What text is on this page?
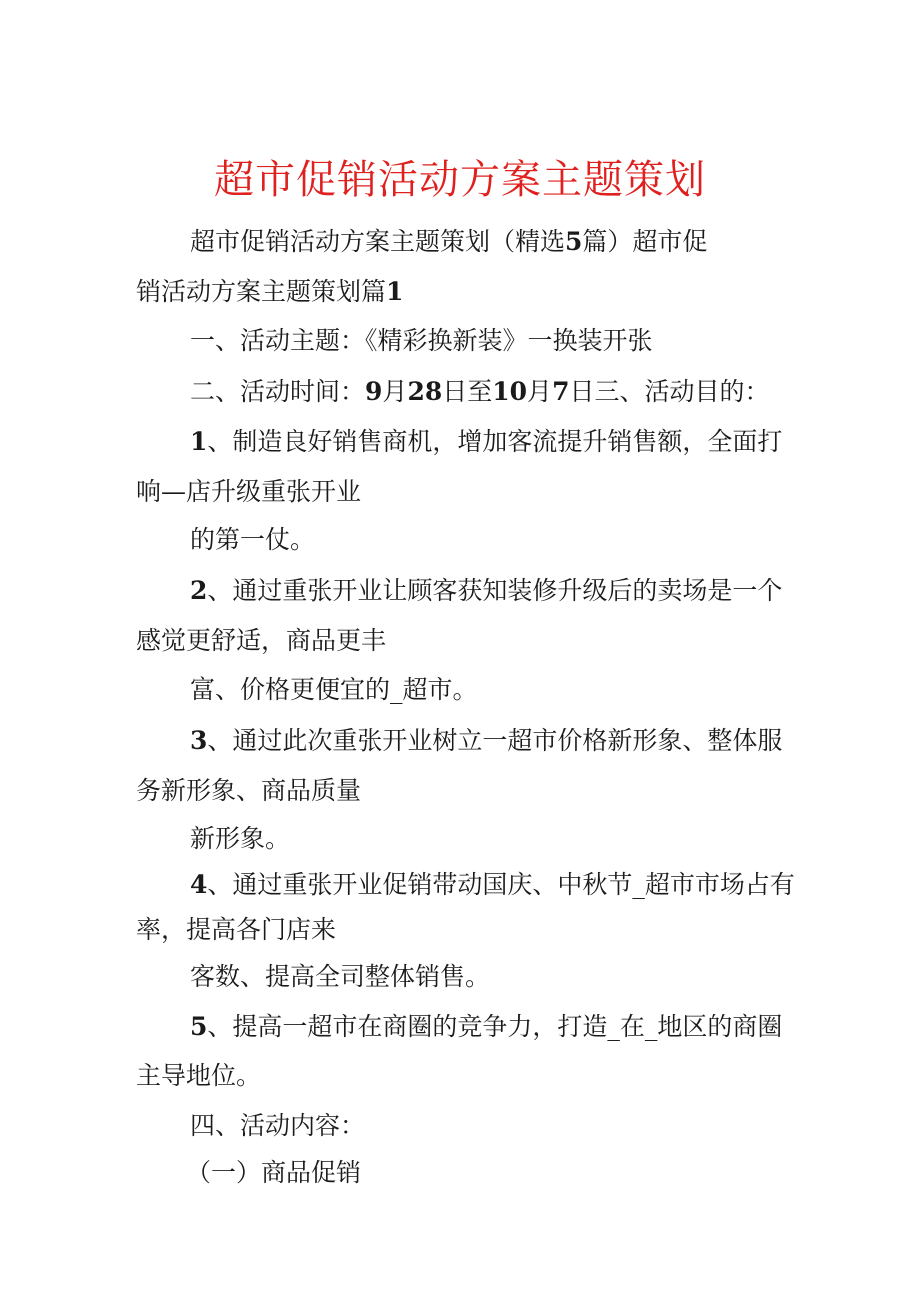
超市促销活动方案主题策划

超市促销活动方案主题策划（精选5篇）超市促

销活动方案主题策划篇1

一、活动主题：《精彩换新装》一换装开张

二、活动时间：9月28日至10月7日三、活动目的：

1、制造良好销售商机，增加客流提升销售额，全面打

响—店升级重张开业

的第一仗。

2、通过重张开业让顾客获知装修升级后的卖场是一个

感觉更舒适，商品更丰

富、价格更便宜的_超市。

3、通过此次重张开业树立一超市价格新形象、整体服

务新形象、商品质量

新形象。

4、通过重张开业促销带动国庆、中秋节_超市市场占有

率，提高各门店来

客数、提高全司整体销售。

5、提高一超市在商圈的竞争力，打造_在_地区的商圈

主导地位。

四、活动内容：

（一）商品促销
